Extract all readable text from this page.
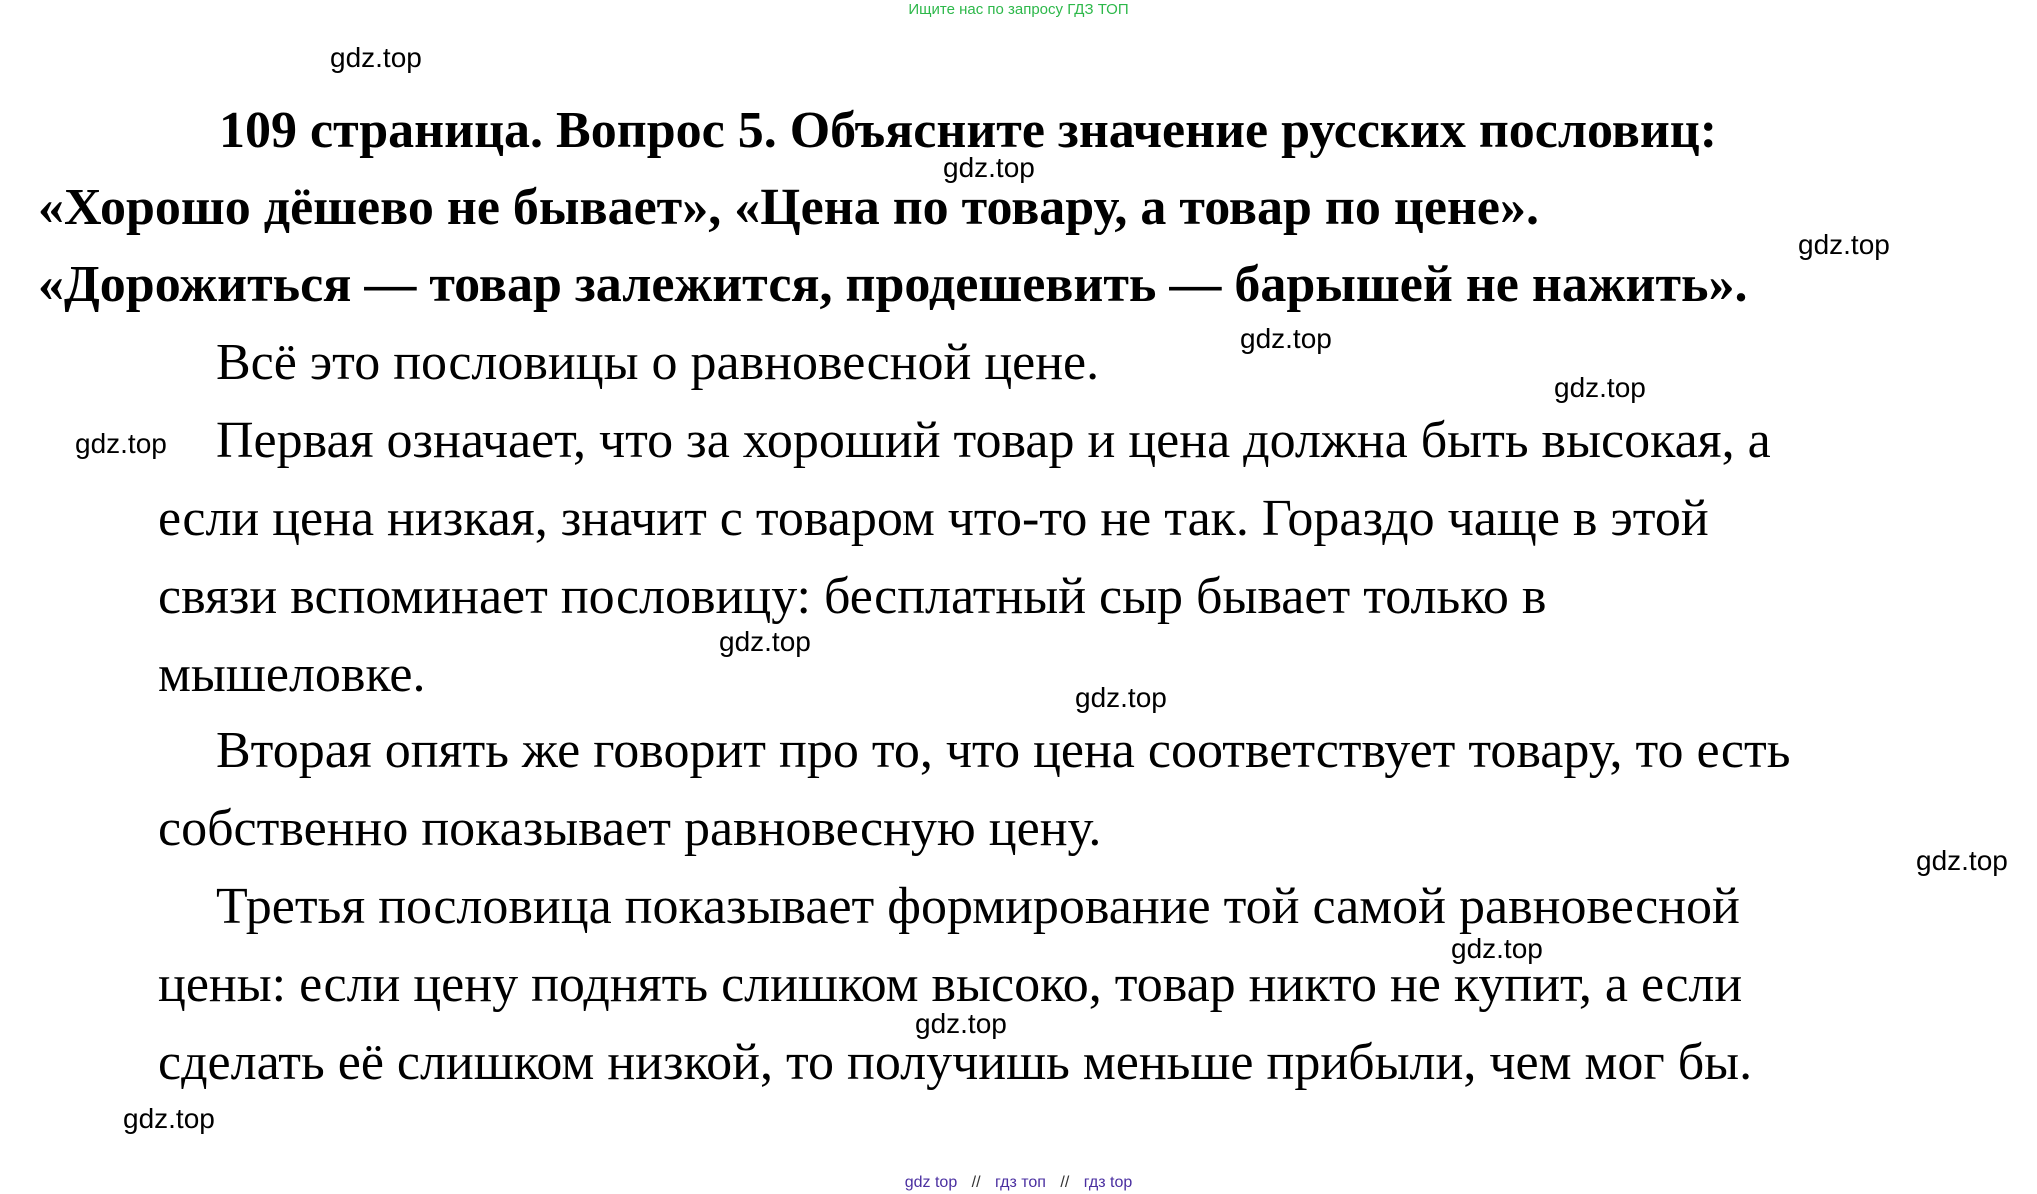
Ищите нас по запросу ГДЗ ТОП
109 страница. Вопрос 5. Объясните значение русских пословиц:
«Хорошо дёшево не бывает», «Цена по товару, а товар по цене».
«Дорожиться — товар залежится, продешевить — барышей не нажить».

Всё это пословицы о равновесной цене.

Первая означает, что за хороший товар и цена должна быть высокая, а
если цена низкая, значит с товаром что-то не так. Гораздо чаще в этой
связи вспоминает пословицу: бесплатный сыр бывает только в
мышеловке.

Вторая опять же говорит про то, что цена соответствует товару, то есть
собственно показывает равновесную цену.

Третья пословица показывает формирование той самой равновесной
цены: если цену поднять слишком высоко, товар никто не купит, а если
сделать её слишком низкой, то получишь меньше прибыли, чем мог бы.

gdz.top
gdz.top
gdz.top
gdz.top
gdz.top
gdz.top
gdz.top
gdz.top
gdz.top
gdz.top
gdz.top
gdz.top
gdz top // гдз топ // гдз top
